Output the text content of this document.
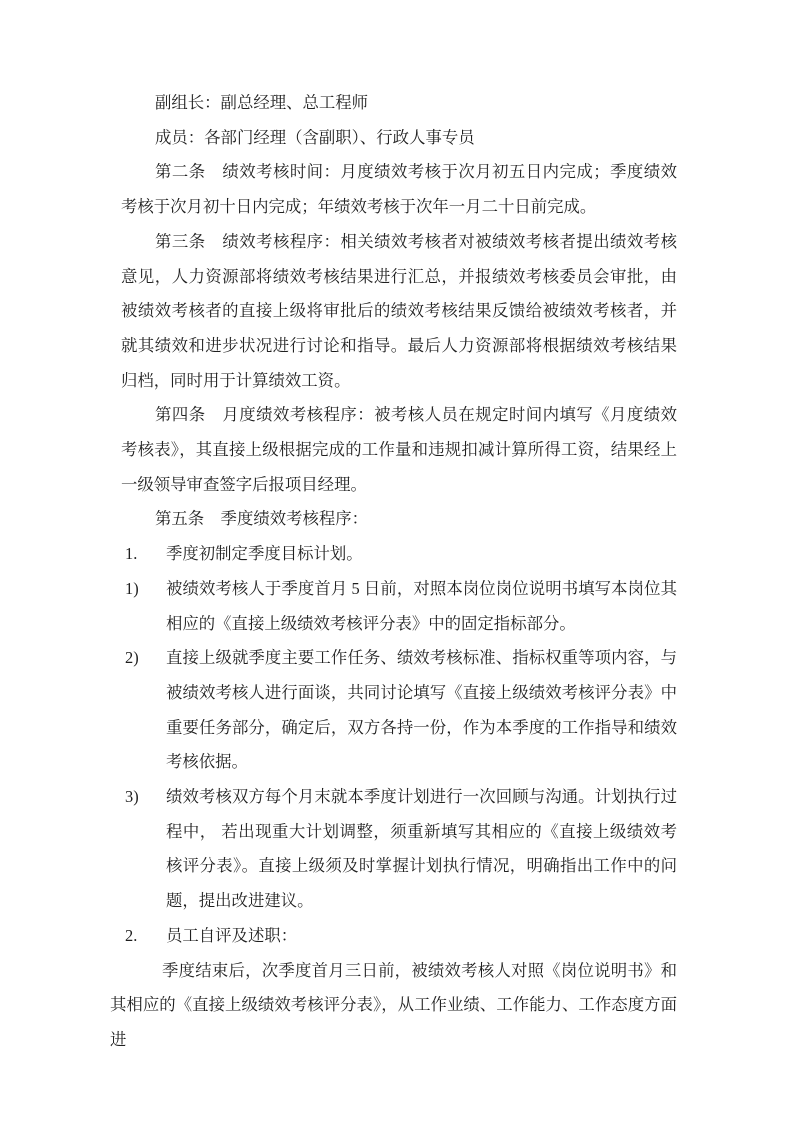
副组长：副总经理、总工程师

成员：各部门经理（含副职）、行政人事专员

第二条　绩效考核时间：月度绩效考核于次月初五日内完成；季度绩效考核于次月初十日内完成；年绩效考核于次年一月二十日前完成。

第三条　绩效考核程序：相关绩效考核者对被绩效考核者提出绩效考核意见，人力资源部将绩效考核结果进行汇总，并报绩效考核委员会审批，由被绩效考核者的直接上级将审批后的绩效考核结果反馈给被绩效考核者，并就其绩效和进步状况进行讨论和指导。最后人力资源部将根据绩效考核结果归档，同时用于计算绩效工资。

第四条　月度绩效考核程序：被考核人员在规定时间内填写《月度绩效考核表》，其直接上级根据完成的工作量和违规扣减计算所得工资，结果经上一级领导审查签字后报项目经理。

第五条　季度绩效考核程序：

1. 季度初制定季度目标计划。
1) 被绩效考核人于季度首月 5 日前，对照本岗位岗位说明书填写本岗位其相应的《直接上级绩效考核评分表》中的固定指标部分。
2) 直接上级就季度主要工作任务、绩效考核标准、指标权重等项内容，与被绩效考核人进行面谈，共同讨论填写《直接上级绩效考核评分表》中重要任务部分，确定后，双方各持一份，作为本季度的工作指导和绩效考核依据。
3) 绩效考核双方每个月末就本季度计划进行一次回顾与沟通。计划执行过程中， 若出现重大计划调整，须重新填写其相应的《直接上级绩效考核评分表》。直接上级须及时掌握计划执行情况，明确指出工作中的问题，提出改进建议。
2. 员工自评及述职：

季度结束后，次季度首月三日前，被绩效考核人对照《岗位说明书》和其相应的《直接上级绩效考核评分表》，从工作业绩、工作能力、工作态度方面进
